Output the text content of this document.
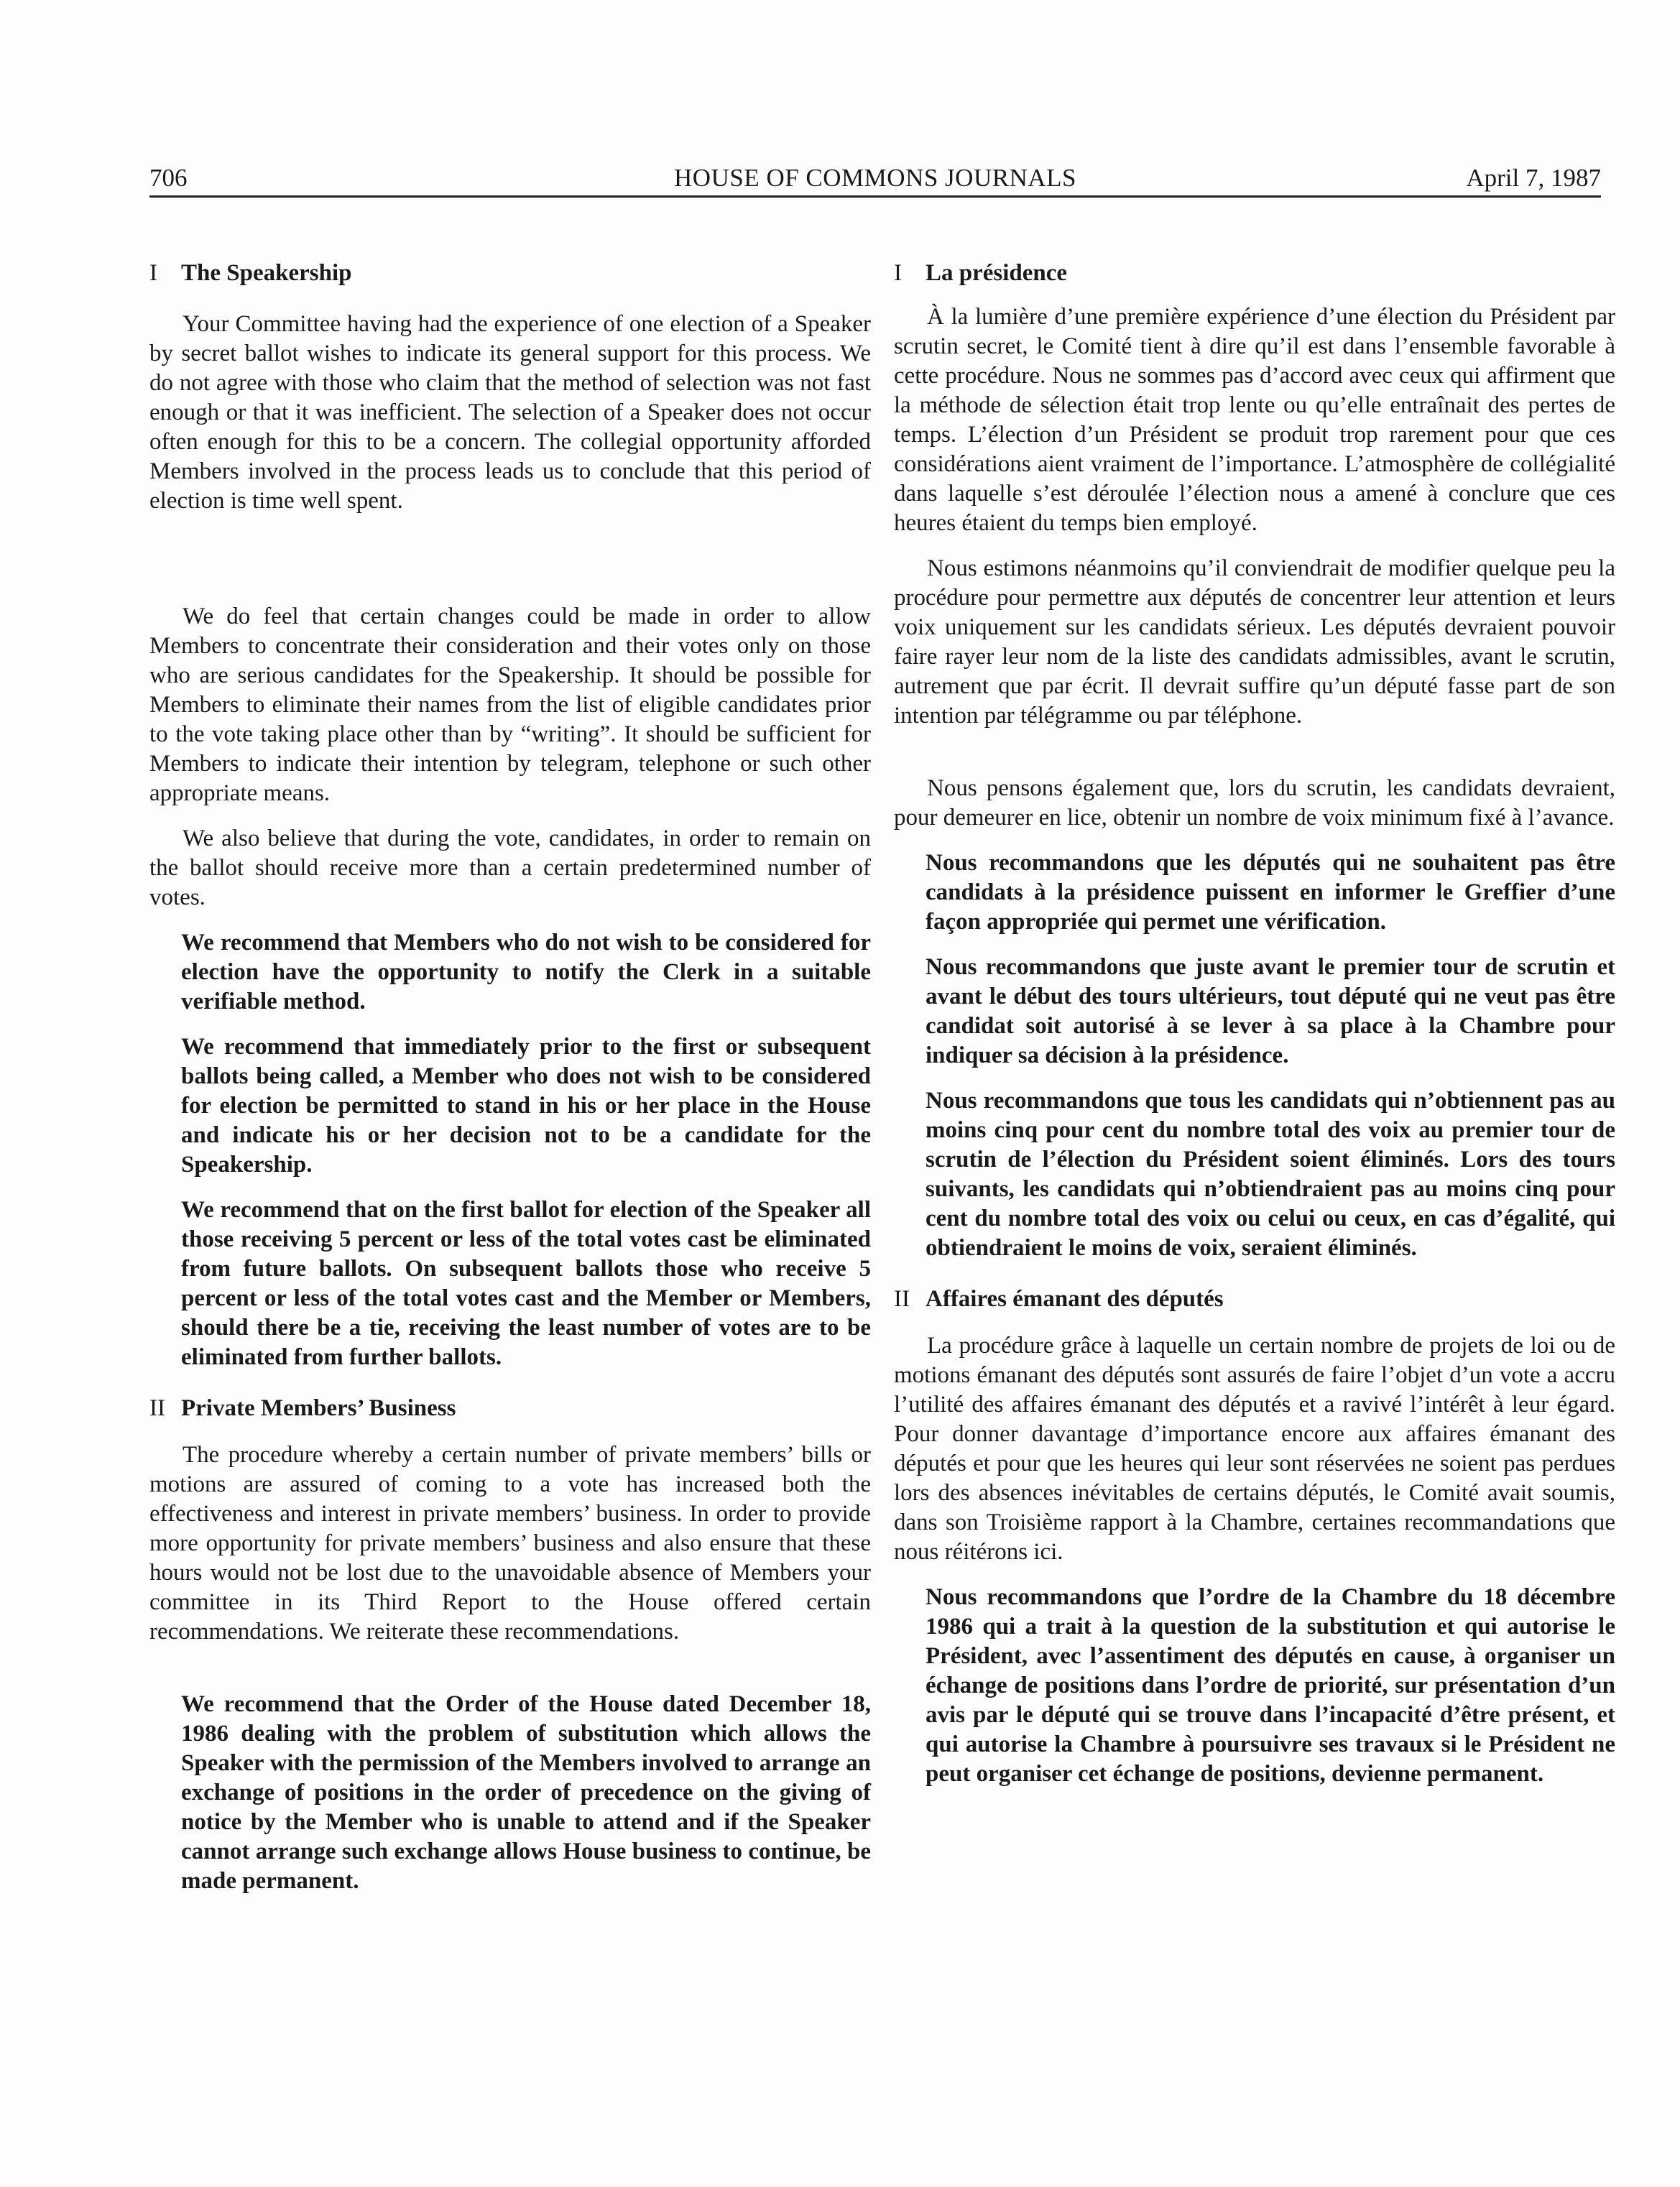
706	HOUSE OF COMMONS JOURNALS	April 7, 1987
I The Speakership

Your Committee having had the experience of one election of a Speaker by secret ballot wishes to indicate its general support for this process. We do not agree with those who claim that the method of selection was not fast enough or that it was inefficient. The selection of a Speaker does not occur often enough for this to be a concern. The collegial opportunity afforded Members involved in the process leads us to conclude that this period of election is time well spent.

We do feel that certain changes could be made in order to allow Members to concentrate their consideration and their votes only on those who are serious candidates for the Speakership. It should be possible for Members to eliminate their names from the list of eligible candidates prior to the vote taking place other than by “writing”. It should be sufficient for Members to indicate their intention by telegram, telephone or such other appropriate means.

We also believe that during the vote, candidates, in order to remain on the ballot should receive more than a certain predetermined number of votes.

We recommend that Members who do not wish to be considered for election have the opportunity to notify the Clerk in a suitable verifiable method.

We recommend that immediately prior to the first or subsequent ballots being called, a Member who does not wish to be considered for election be permitted to stand in his or her place in the House and indicate his or her decision not to be a candidate for the Speakership.

We recommend that on the first ballot for election of the Speaker all those receiving 5 percent or less of the total votes cast be eliminated from future ballots. On subsequent ballots those who receive 5 percent or less of the total votes cast and the Member or Members, should there be a tie, receiving the least number of votes are to be eliminated from further ballots.

II Private Members’ Business

The procedure whereby a certain number of private members’ bills or motions are assured of coming to a vote has increased both the effectiveness and interest in private members’ business. In order to provide more opportunity for private members’ business and also ensure that these hours would not be lost due to the unavoidable absence of Members your committee in its Third Report to the House offered certain recommendations. We reiterate these recommendations.

We recommend that the Order of the House dated December 18, 1986 dealing with the problem of substitution which allows the Speaker with the permission of the Members involved to arrange an exchange of positions in the order of precedence on the giving of notice by the Member who is unable to attend and if the Speaker cannot arrange such exchange allows House business to continue, be made permanent.

I La présidence

À la lumière d’une première expérience d’une élection du Président par scrutin secret, le Comité tient à dire qu’il est dans l’ensemble favorable à cette procédure. Nous ne sommes pas d’accord avec ceux qui affirment que la méthode de sélection était trop lente ou qu’elle entraînait des pertes de temps. L’élection d’un Président se produit trop rarement pour que ces considérations aient vraiment de l’importance. L’atmosphère de collégialité dans laquelle s’est déroulée l’élection nous a amené à conclure que ces heures étaient du temps bien employé.

Nous estimons néanmoins qu’il conviendrait de modifier quelque peu la procédure pour permettre aux députés de concentrer leur attention et leurs voix uniquement sur les candidats sérieux. Les députés devraient pouvoir faire rayer leur nom de la liste des candidats admissibles, avant le scrutin, autrement que par écrit. Il devrait suffire qu’un député fasse part de son intention par télégramme ou par téléphone.

Nous pensons également que, lors du scrutin, les candidats devraient, pour demeurer en lice, obtenir un nombre de voix minimum fixé à l’avance.

Nous recommandons que les députés qui ne souhaitent pas être candidats à la présidence puissent en informer le Greffier d’une façon appropriée qui permet une vérification.

Nous recommandons que juste avant le premier tour de scrutin et avant le début des tours ultérieurs, tout député qui ne veut pas être candidat soit autorisé à se lever à sa place à la Chambre pour indiquer sa décision à la présidence.

Nous recommandons que tous les candidats qui n’obtiennent pas au moins cinq pour cent du nombre total des voix au premier tour de scrutin de l’élection du Président soient éliminés. Lors des tours suivants, les candidats qui n’obtiendraient pas au moins cinq pour cent du nombre total des voix ou celui ou ceux, en cas d’égalité, qui obtiendraient le moins de voix, seraient éliminés.

II Affaires émanant des députés

La procédure grâce à laquelle un certain nombre de projets de loi ou de motions émanant des députés sont assurés de faire l’objet d’un vote a accru l’utilité des affaires émanant des députés et a ravivé l’intérêt à leur égard. Pour donner davantage d’importance encore aux affaires émanant des députés et pour que les heures qui leur sont réservées ne soient pas perdues lors des absences inévitables de certains députés, le Comité avait soumis, dans son Troisième rapport à la Chambre, certaines recommandations que nous réitérons ici.

Nous recommandons que l’ordre de la Chambre du 18 décembre 1986 qui a trait à la question de la substitution et qui autorise le Président, avec l’assentiment des députés en cause, à organiser un échange de positions dans l’ordre de priorité, sur présentation d’un avis par le député qui se trouve dans l’incapacité d’être présent, et qui autorise la Chambre à poursuivre ses travaux si le Président ne peut organiser cet échange de positions, devienne permanent.
